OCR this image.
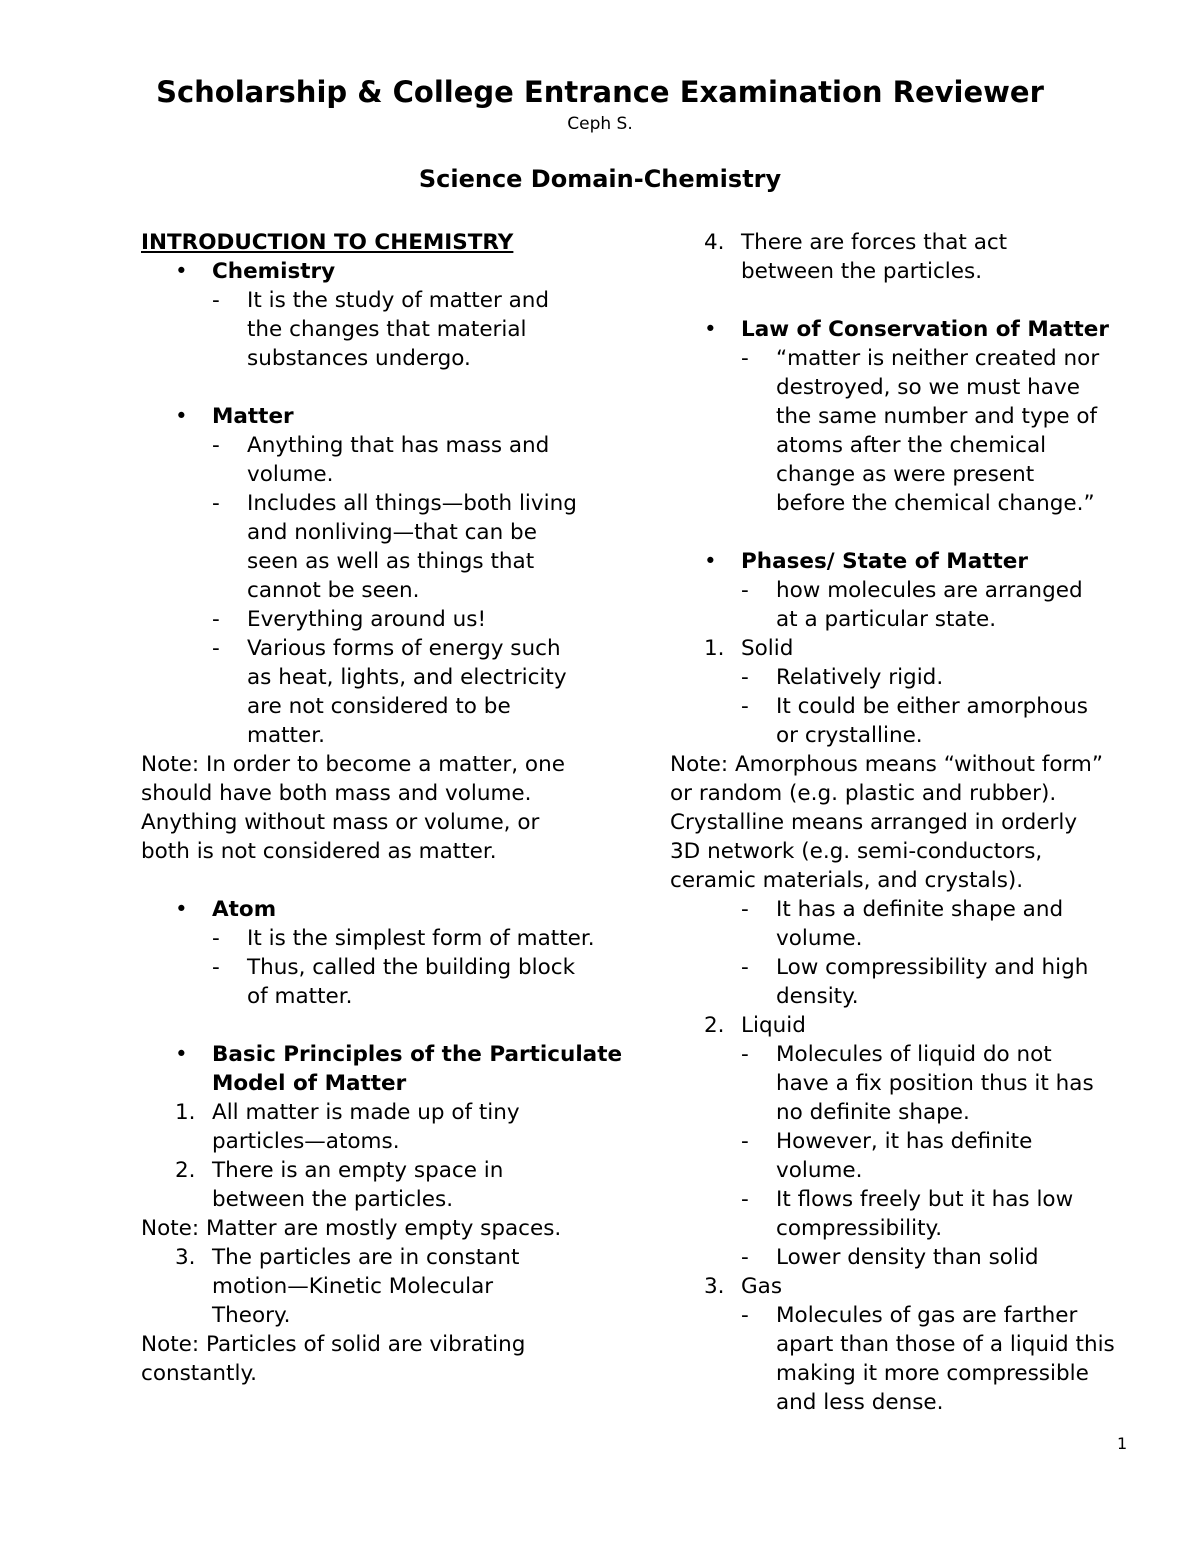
Scholarship & College Entrance Examination Reviewer
Ceph S.
Science Domain-Chemistry
INTRODUCTION TO CHEMISTRY
• Chemistry
- It is the study of matter and
the changes that material
substances undergo.
• Matter
- Anything that has mass and
volume.
- Includes all things—both living
and nonliving—that can be
seen as well as things that
cannot be seen.
- Everything around us!
- Various forms of energy such
as heat, lights, and electricity
are not considered to be
matter.
Note: In order to become a matter, one
should have both mass and volume.
Anything without mass or volume, or
both is not considered as matter.
• Atom
- It is the simplest form of matter.
- Thus, called the building block
of matter.
• Basic Principles of the Particulate
Model of Matter
1. All matter is made up of tiny
particles—atoms.
2. There is an empty space in
between the particles.
Note: Matter are mostly empty spaces.
3. The particles are in constant
motion—Kinetic Molecular
Theory.
Note: Particles of solid are vibrating
constantly.
4. There are forces that act
between the particles.
• Law of Conservation of Matter
- “matter is neither created nor
destroyed, so we must have
the same number and type of
atoms after the chemical
change as were present
before the chemical change.”
• Phases/ State of Matter
- how molecules are arranged
at a particular state.
1. Solid
- Relatively rigid.
- It could be either amorphous
or crystalline.
Note: Amorphous means “without form”
or random (e.g. plastic and rubber).
Crystalline means arranged in orderly
3D network (e.g. semi-conductors,
ceramic materials, and crystals).
- It has a definite shape and
volume.
- Low compressibility and high
density.
2. Liquid
- Molecules of liquid do not
have a fix position thus it has
no definite shape.
- However, it has definite
volume.
- It flows freely but it has low
compressibility.
- Lower density than solid
3. Gas
- Molecules of gas are farther
apart than those of a liquid this
making it more compressible
and less dense.
1
